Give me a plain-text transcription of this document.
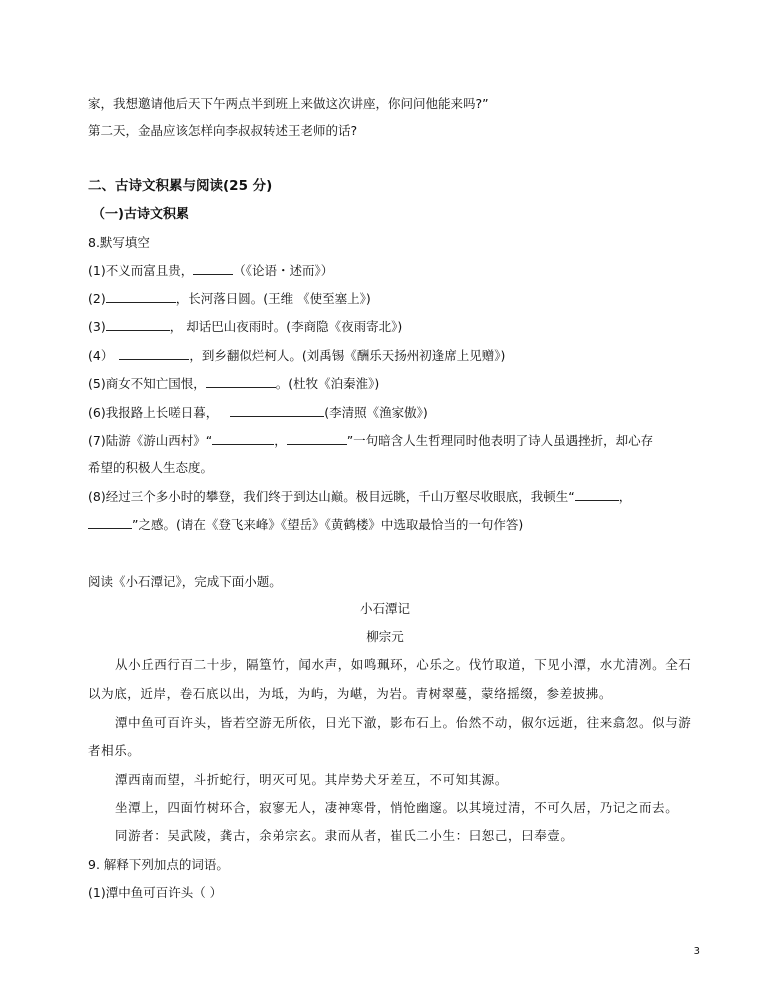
家，我想邀请他后天下午两点半到班上来做这次讲座，你问问他能来吗?”
第二天，金晶应该怎样向李叔叔转述王老师的话?
二、古诗文积累与阅读(25 分)
（一)古诗文积累
8.默写填空
(1)不义而富且贵，	（《论语・述而》）
(2)	，长河落日圆。(王维 《使至塞上》)
(3)	， 却话巴山夜雨时。(李商隐《夜雨寄北》)
(4）	，到乡翻似烂柯人。(刘禹锡《酬乐天扬州初逢席上见赠》)
(5)商女不知亡国恨，	。(杜牧《泊秦淮》)
(6)我报路上长嗟日暮，	(李清照《渔家傲》)
(7)陆游《游山西村》“	，	”一句暗含人生哲理同时他表明了诗人虽遇挫折，却心存
希望的积极人生态度。
(8)经过三个多小时的攀登，我们终于到达山巅。极目远眺，千山万壑尽收眼底，我顿生“	，
”之感。(请在《登飞来峰》《望岳》《黄鹤楼》中选取最恰当的一句作答)
阅读《小石潭记》，完成下面小题。
小石潭记
柳宗元
从小丘西行百二十步，隔篁竹，闻水声，如鸣珮环，心乐之。伐竹取道，下见小潭，水尤清冽。全石
以为底，近岸，卷石底以出，为坻，为屿，为嵁，为岩。青树翠蔓，蒙络摇缀，参差披拂。
潭中鱼可百许头，皆若空游无所依，日光下澈，影布石上。佁然不动，俶尔远逝，往来翕忽。似与游
者相乐。
潭西南而望，斗折蛇行，明灭可见。其岸势犬牙差互，不可知其源。
坐潭上，四面竹树环合，寂寥无人，凄神寒骨，悄怆幽邃。以其境过清，不可久居，乃记之而去。
同游者：吴武陵，龚古，余弟宗玄。隶而从者，崔氏二小生：曰恕己，曰奉壹。
9. 解释下列加点的词语。
(1)潭中鱼可百许头（ ）
3
